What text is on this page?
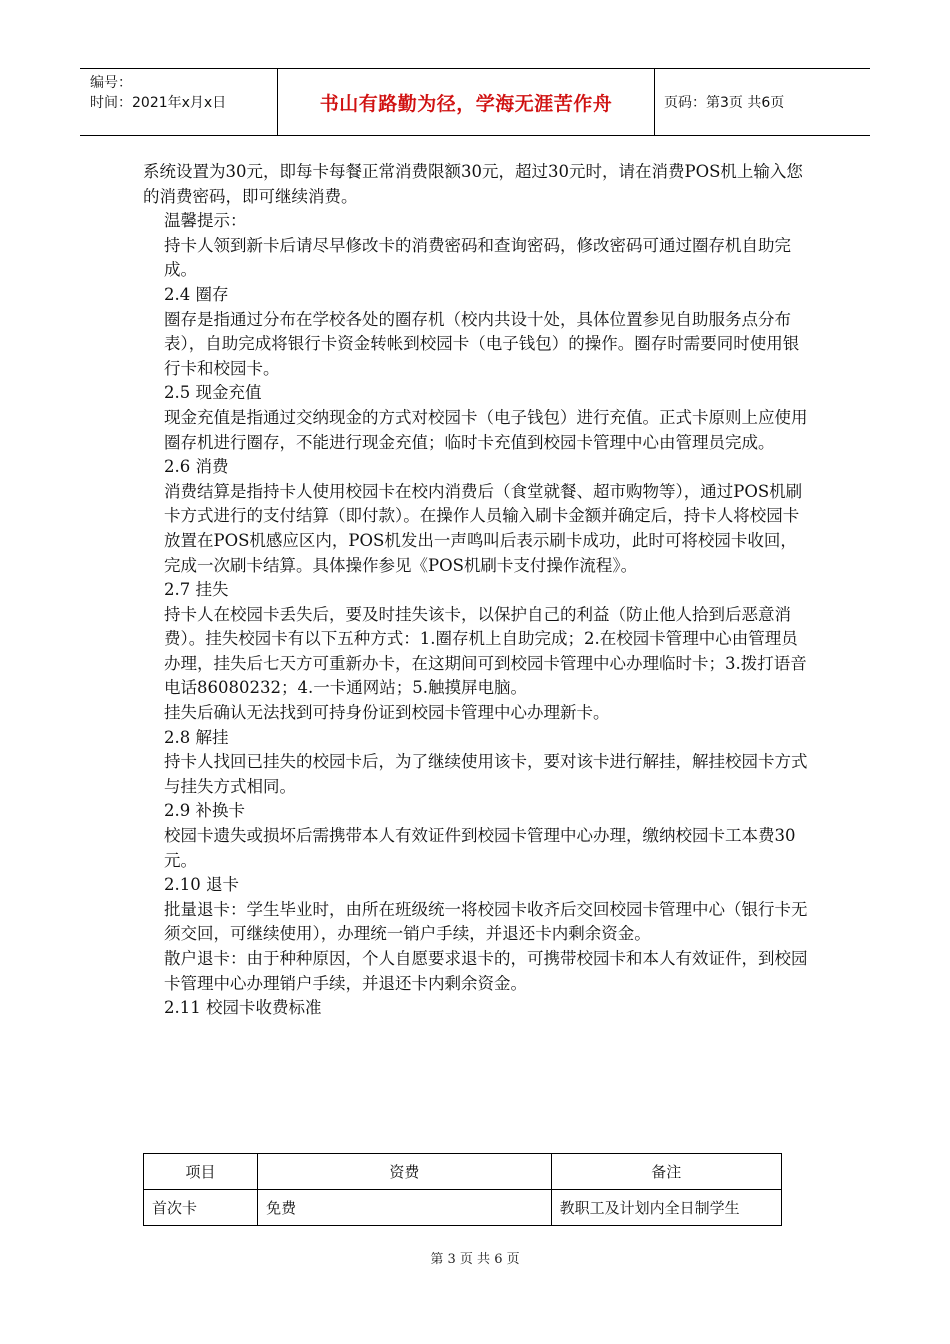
编号：
时间：2021年x月x日	书山有路勤为径，学海无涯苦作舟	页码：第3页 共6页

系统设置为30元，即每卡每餐正常消费限额30元，超过30元时，请在消费POS机上输入您的消费密码，即可继续消费。

温馨提示：

持卡人领到新卡后请尽早修改卡的消费密码和查询密码，修改密码可通过圈存机自助完成。

2.4 圈存

圈存是指通过分布在学校各处的圈存机（校内共设十处，具体位置参见自助服务点分布表），自助完成将银行卡资金转帐到校园卡（电子钱包）的操作。圈存时需要同时使用银行卡和校园卡。

2.5 现金充值

现金充值是指通过交纳现金的方式对校园卡（电子钱包）进行充值。正式卡原则上应使用圈存机进行圈存，不能进行现金充值；临时卡充值到校园卡管理中心由管理员完成。

2.6 消费

消费结算是指持卡人使用校园卡在校内消费后（食堂就餐、超市购物等），通过POS机刷卡方式进行的支付结算（即付款）。在操作人员输入刷卡金额并确定后，持卡人将校园卡放置在POS机感应区内，POS机发出一声鸣叫后表示刷卡成功，此时可将校园卡收回，完成一次刷卡结算。具体操作参见《POS机刷卡支付操作流程》。

2.7 挂失

持卡人在校园卡丢失后，要及时挂失该卡，以保护自己的利益（防止他人拾到后恶意消费）。挂失校园卡有以下五种方式：1.圈存机上自助完成；2.在校园卡管理中心由管理员办理，挂失后七天方可重新办卡，在这期间可到校园卡管理中心办理临时卡；3.拨打语音电话86080232；4.一卡通网站；5.触摸屏电脑。

挂失后确认无法找到可持身份证到校园卡管理中心办理新卡。

2.8 解挂

持卡人找回已挂失的校园卡后，为了继续使用该卡，要对该卡进行解挂，解挂校园卡方式与挂失方式相同。

2.9 补换卡

校园卡遗失或损坏后需携带本人有效证件到校园卡管理中心办理，缴纳校园卡工本费30元。

2.10 退卡

批量退卡：学生毕业时，由所在班级统一将校园卡收齐后交回校园卡管理中心（银行卡无须交回，可继续使用），办理统一销户手续，并退还卡内剩余资金。

散户退卡：由于种种原因，个人自愿要求退卡的，可携带校园卡和本人有效证件，到校园卡管理中心办理销户手续，并退还卡内剩余资金。

2.11 校园卡收费标准

项目	资费	备注
首次卡	免费	教职工及计划内全日制学生
第 3 页 共 6 页
